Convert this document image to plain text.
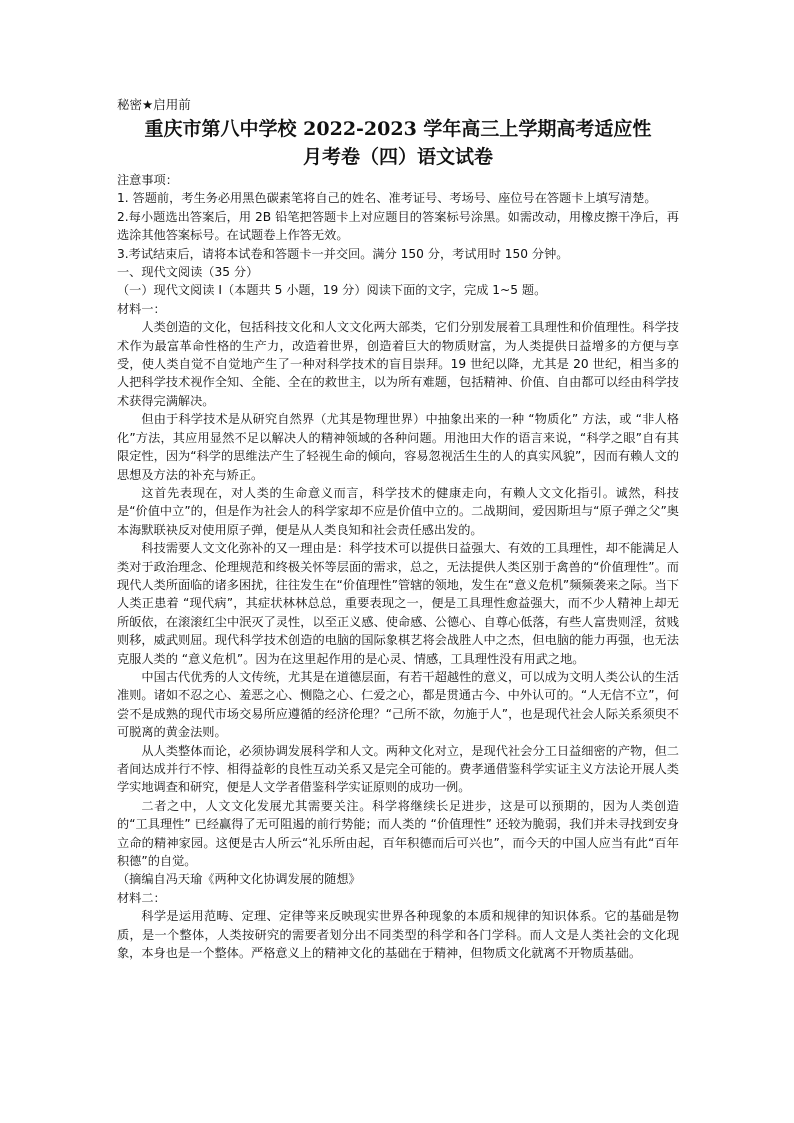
秘密★启用前
重庆市第八中学校 2022-2023 学年高三上学期高考适应性
月考卷（四）语文试卷
注意事项：
1. 答题前，考生务必用黑色碳素笔将自己的姓名、准考证号、考场号、座位号在答题卡上填写清楚。
2.每小题选出答案后，用 2B 铅笔把答题卡上对应题目的答案标号涂黑。如需改动，用橡皮擦干净后，再选涂其他答案标号。在试题卷上作答无效。
3.考试结束后，请将本试卷和答题卡一并交回。满分 150 分，考试用时 150 分钟。
一、现代文阅读（35 分）
（一）现代文阅读 I（本题共 5 小题，19 分）阅读下面的文字，完成 1~5 题。
材料一：
人类创造的文化，包括科技文化和人文文化两大部类，它们分别发展着工具理性和价值理性。科学技术作为最富革命性格的生产力，改造着世界，创造着巨大的物质财富，为人类提供日益增多的方便与享受，使人类自觉不自觉地产生了一种对科学技术的盲目崇拜。19 世纪以降，尤其是 20 世纪，相当多的人把科学技术视作全知、全能、全在的救世主，以为所有难题，包括精神、价值、自由都可以经由科学技术获得完满解决。
但由于科学技术是从研究自然界（尤其是物理世界）中抽象出来的一种 “物质化” 方法，或 “非人格化”方法，其应用显然不足以解决人的精神领域的各种问题。用池田大作的语言来说，“科学之眼”自有其限定性，因为“科学的思维法产生了轻视生命的倾向，容易忽视活生生的人的真实风貌”，因而有赖人文的思想及方法的补充与矫正。
这首先表现在，对人类的生命意义而言，科学技术的健康走向，有赖人文文化指引。诚然，科技是“价值中立”的，但是作为社会人的科学家却不应是价值中立的。二战期间，爱因斯坦与“原子弹之父”奥本海默联袂反对使用原子弹，便是从人类良知和社会责任感出发的。
科技需要人文文化弥补的又一理由是：科学技术可以提供日益强大、有效的工具理性，却不能满足人类对于政治理念、伦理规范和终极关怀等层面的需求，总之，无法提供人类区别于禽兽的“价值理性”。而现代人类所面临的诸多困扰，往往发生在“价值理性”管辖的领地，发生在“意义危机”频频袭来之际。当下人类正患着 “现代病”，其症状林林总总，重要表现之一，便是工具理性愈益强大，而不少人精神上却无所皈依，在滚滚红尘中泯灭了灵性，以至正义感、使命感、公德心、自尊心低落，有些人富贵则淫，贫贱则移，威武则屈。现代科学技术创造的电脑的国际象棋艺将会战胜人中之杰，但电脑的能力再强，也无法克服人类的 “意义危机”。因为在这里起作用的是心灵、情感，工具理性没有用武之地。
中国古代优秀的人文传统，尤其是在道德层面，有若干超越性的意义，可以成为文明人类公认的生活准则。诸如不忍之心、羞恶之心、恻隐之心、仁爱之心，都是贯通古今、中外认可的。“人无信不立”，何尝不是成熟的现代市场交易所应遵循的经济伦理？“己所不欲，勿施于人”，也是现代社会人际关系须臾不可脱离的黄金法则。
从人类整体而论，必须协调发展科学和人文。两种文化对立，是现代社会分工日益细密的产物，但二者间达成并行不悖、相得益彰的良性互动关系又是完全可能的。费孝通借鉴科学实证主义方法论开展人类学实地调查和研究，便是人文学者借鉴科学实证原则的成功一例。
二者之中，人文文化发展尤其需要关注。科学将继续长足进步，这是可以预期的，因为人类创造的“工具理性” 已经赢得了无可阻遏的前行势能；而人类的 “价值理性” 还较为脆弱，我们并未寻找到安身立命的精神家园。这便是古人所云“礼乐所由起，百年积德而后可兴也”，而今天的中国人应当有此“百年积德”的自觉。
（摘编自冯天瑜《两种文化协调发展的随想》
材料二：
科学是运用范畴、定理、定律等来反映现实世界各种现象的本质和规律的知识体系。它的基础是物质，是一个整体，人类按研究的需要者划分出不同类型的科学和各门学科。而人文是人类社会的文化现象，本身也是一个整体。严格意义上的精神文化的基础在于精神，但物质文化就离不开物质基础。
